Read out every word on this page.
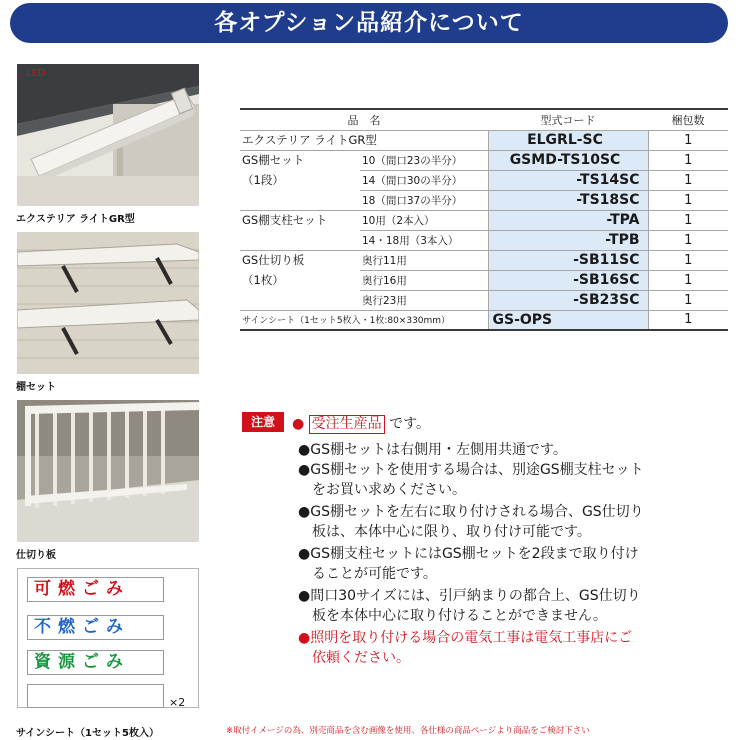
各オプション品紹介について
LED
エクステリア ライトGR型
棚セット
仕切り板
可燃ごみ
不燃ごみ
資源ごみ
×2
サインシート（1セット5枚入）
品　名		型式コード	梱包数
エクステリア ライトGR型		ELGRL-SC	1
GS棚セット	10（間口23の半分）	GSMD-TS10SC	1
（1段）	14（間口30の半分）	-TS14SC	1
	18（間口37の半分）	-TS18SC	1
GS棚支柱セット	10用（2本入）	-TPA	1
	14・18用（3本入）	-TPB	1
GS仕切り板	奥行11用	-SB11SC	1
（1枚）	奥行16用	-SB16SC	1
	奥行23用	-SB23SC	1
サインシート（1セット5枚入・1枚:80×330mm）		GS-OPS	1
注意	● 受注生産品 です。
●GS棚セットは右側用・左側用共通です。
●GS棚セットを使用する場合は、別途GS棚支柱セット
　をお買い求めください。
●GS棚セットを左右に取り付けされる場合、GS仕切り
　板は、本体中心に限り、取り付け可能です。
●GS棚支柱セットにはGS棚セットを2段まで取り付け
　ることが可能です。
●間口30サイズには、引戸納まりの都合上、GS仕切り
　板を本体中心に取り付けることができません。
●照明を取り付ける場合の電気工事は電気工事店にご
　依頼ください。
※取付イメージの為、別売商品を含む画像を使用、各仕様の商品ページより商品をご検討下さい
